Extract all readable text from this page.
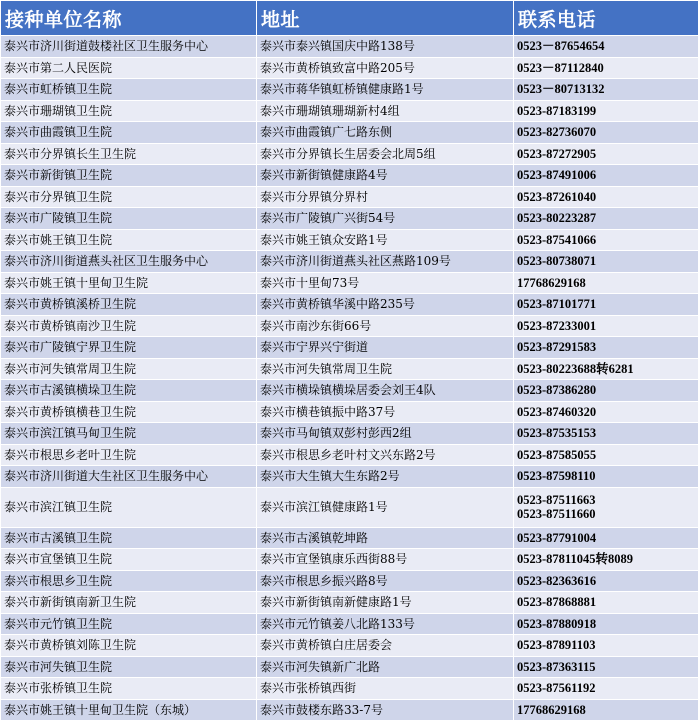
接种单位名称	地址	联系电话
泰兴市济川街道鼓楼社区卫生服务中心	泰兴市泰兴镇国庆中路138号	0523－87654654

泰兴市第二人民医院	泰兴市黄桥镇致富中路205号	0523－87112840

泰兴市虹桥镇卫生院	泰兴市蒋华镇虹桥镇健康路1号	0523－80713132

泰兴市珊瑚镇卫生院	泰兴市珊瑚镇珊瑚新村4组	0523-87183199

泰兴市曲霞镇卫生院	泰兴市曲霞镇广七路东侧	0523-82736070

泰兴市分界镇长生卫生院	泰兴市分界镇长生居委会北周5组	0523-87272905

泰兴市新街镇卫生院	泰兴市新街镇健康路4号	0523-87491006

泰兴市分界镇卫生院	泰兴市分界镇分界村	0523-87261040

泰兴市广陵镇卫生院	泰兴市广陵镇广兴街54号	0523-80223287

泰兴市姚王镇卫生院	泰兴市姚王镇众安路1号	0523-87541066

泰兴市济川街道燕头社区卫生服务中心	泰兴市济川街道燕头社区燕路109号	0523-80738071

泰兴市姚王镇十里甸卫生院	泰兴市十里甸73号	17768629168

泰兴市黄桥镇溪桥卫生院	泰兴市黄桥镇华溪中路235号	0523-87101771

泰兴市黄桥镇南沙卫生院	泰兴市南沙东街66号	0523-87233001

泰兴市广陵镇宁界卫生院	泰兴市宁界兴宁街道	0523-87291583

泰兴市河失镇常周卫生院	泰兴市河失镇常周卫生院	0523-80223688转6281

泰兴市古溪镇横垛卫生院	泰兴市横垛镇横垛居委会刘王4队	0523-87386280

泰兴市黄桥镇横巷卫生院	泰兴市横巷镇振中路37号	0523-87460320

泰兴市滨江镇马甸卫生院	泰兴市马甸镇双彭村彭西2组	0523-87535153

泰兴市根思乡老叶卫生院	泰兴市根思乡老叶村文兴东路2号	0523-87585055

泰兴市济川街道大生社区卫生服务中心	泰兴市大生镇大生东路2号	0523-87598110

泰兴市滨江镇卫生院	泰兴市滨江镇健康路1号	0523-87511663
0523-87511660

泰兴市古溪镇卫生院	泰兴市古溪镇乾坤路	0523-87791004

泰兴市宣堡镇卫生院	泰兴市宣堡镇康乐西街88号	0523-87811045转8089

泰兴市根思乡卫生院	泰兴市根思乡振兴路8号	0523-82363616

泰兴市新街镇南新卫生院	泰兴市新街镇南新健康路1号	0523-87868881

泰兴市元竹镇卫生院	泰兴市元竹镇姜八北路133号	0523-87880918

泰兴市黄桥镇刘陈卫生院	泰兴市黄桥镇白庄居委会	0523-87891103

泰兴市河失镇卫生院	泰兴市河失镇新广北路	0523-87363115

泰兴市张桥镇卫生院	泰兴市张桥镇西街	0523-87561192

泰兴市姚王镇十里甸卫生院（东城）	泰兴市鼓楼东路33-7号	17768629168
